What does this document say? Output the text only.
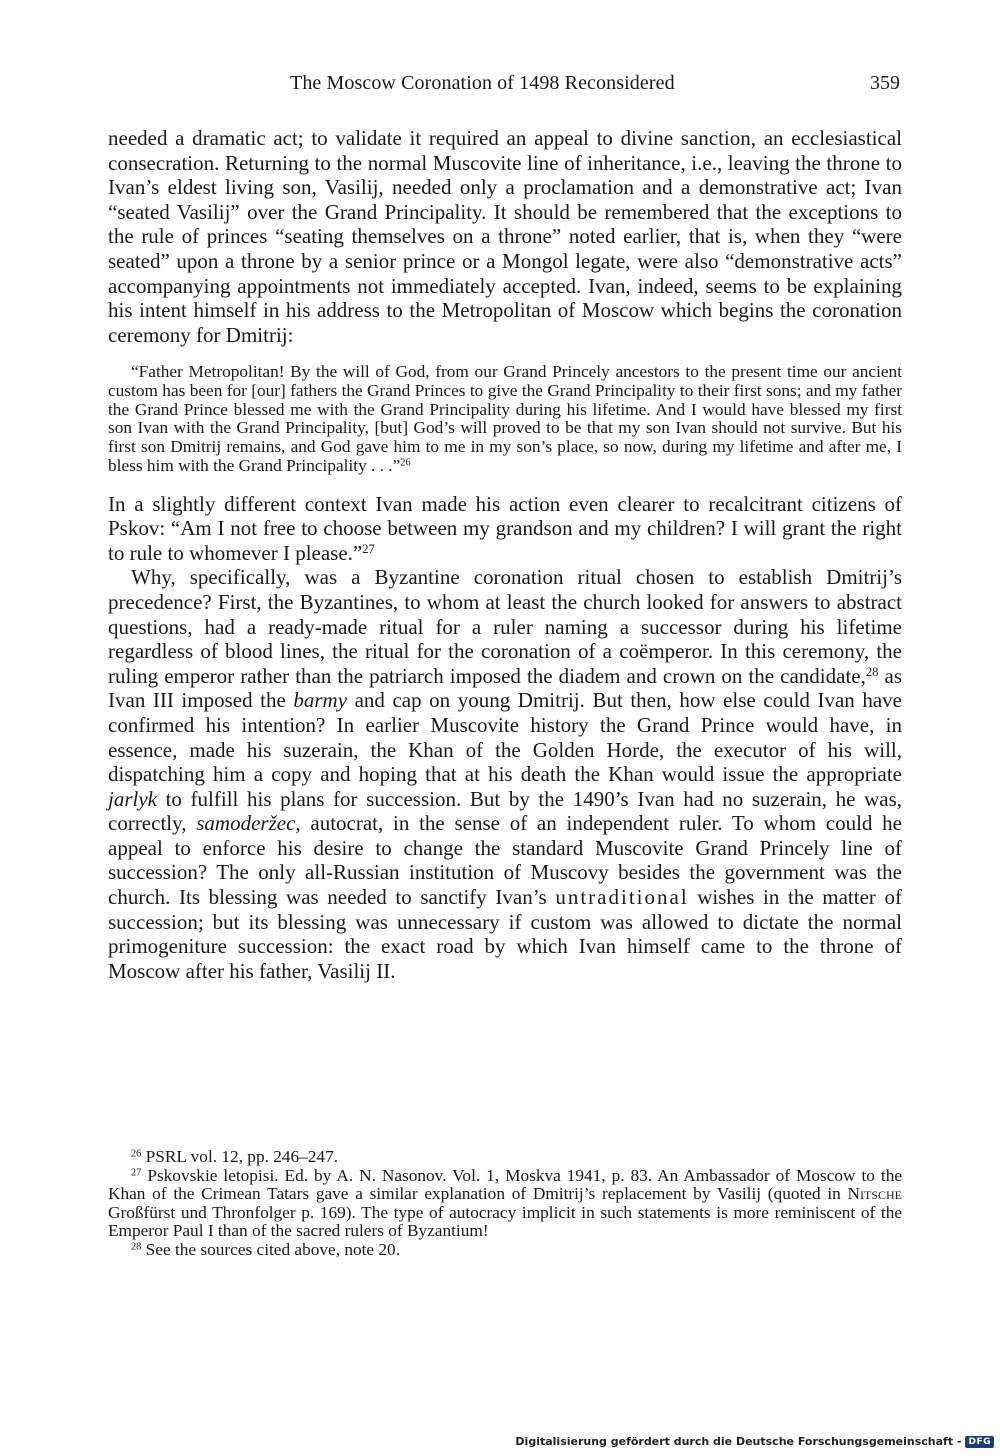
The Moscow Coronation of 1498 Reconsidered	359

needed a dramatic act; to validate it required an appeal to divine sanction, an ecclesiastical consecration. Returning to the normal Muscovite line of inheritance, i.e., leaving the throne to Ivan’s eldest living son, Vasilij, needed only a proclamation and a demonstrative act; Ivan “seated Vasilij” over the Grand Principality. It should be remembered that the exceptions to the rule of princes “seating themselves on a throne” noted earlier, that is, when they “were seated” upon a throne by a senior prince or a Mongol legate, were also “demonstrative acts” accompanying appointments not immediately accepted. Ivan, indeed, seems to be explaining his intent himself in his address to the Metropolitan of Moscow which begins the coronation ceremony for Dmitrij:

“Father Metropolitan! By the will of God, from our Grand Princely ancestors to the present time our ancient custom has been for [our] fathers the Grand Princes to give the Grand Principality to their first sons; and my father the Grand Prince blessed me with the Grand Principality during his lifetime. And I would have blessed my first son Ivan with the Grand Principality, [but] God’s will proved to be that my son Ivan should not survive. But his first son Dmitrij remains, and God gave him to me in my son’s place, so now, during my lifetime and after me, I bless him with the Grand Principality . . .”$^{26}$

In a slightly different context Ivan made his action even clearer to recalcitrant citizens of Pskov: “Am I not free to choose between my grandson and my children? I will grant the right to rule to whomever I please.”$^{27}$

Why, specifically, was a Byzantine coronation ritual chosen to establish Dmitrij’s precedence? First, the Byzantines, to whom at least the church looked for answers to abstract questions, had a ready-made ritual for a ruler naming a successor during his lifetime regardless of blood lines, the ritual for the coronation of a coëmperor. In this ceremony, the ruling emperor rather than the patriarch imposed the diadem and crown on the candidate,$^{28}$ as Ivan III imposed the barmy and cap on young Dmitrij. But then, how else could Ivan have confirmed his intention? In earlier Muscovite history the Grand Prince would have, in essence, made his suzerain, the Khan of the Golden Horde, the executor of his will, dispatching him a copy and hoping that at his death the Khan would issue the appropriate jarlyk to fulfill his plans for succession. But by the 1490’s Ivan had no suzerain, he was, correctly, samoderžec, autocrat, in the sense of an independent ruler. To whom could he appeal to enforce his desire to change the standard Muscovite Grand Princely line of succession? The only all-Russian institution of Muscovy besides the government was the church. Its blessing was needed to sanctify Ivan’s untraditional wishes in the matter of succession; but its blessing was unnecessary if custom was allowed to dictate the normal primogeniture succession: the exact road by which Ivan himself came to the throne of Moscow after his father, Vasilij II.

$^{26}$ PSRL vol. 12, pp. 246–247.

$^{27}$ Pskovskie letopisi. Ed. by A. N. Nasonov. Vol. 1, Moskva 1941, p. 83. An Ambassador of Moscow to the Khan of the Crimean Tatars gave a similar explanation of Dmitrij’s replacement by Vasilij (quoted in Nitsche Großfürst und Thronfolger p. 169). The type of autocracy implicit in such statements is more reminiscent of the Emperor Paul I than of the sacred rulers of Byzantium!

$^{28}$ See the sources cited above, note 20.

Digitalisierung gefördert durch die Deutsche Forschungsgemeinschaft - DFG
